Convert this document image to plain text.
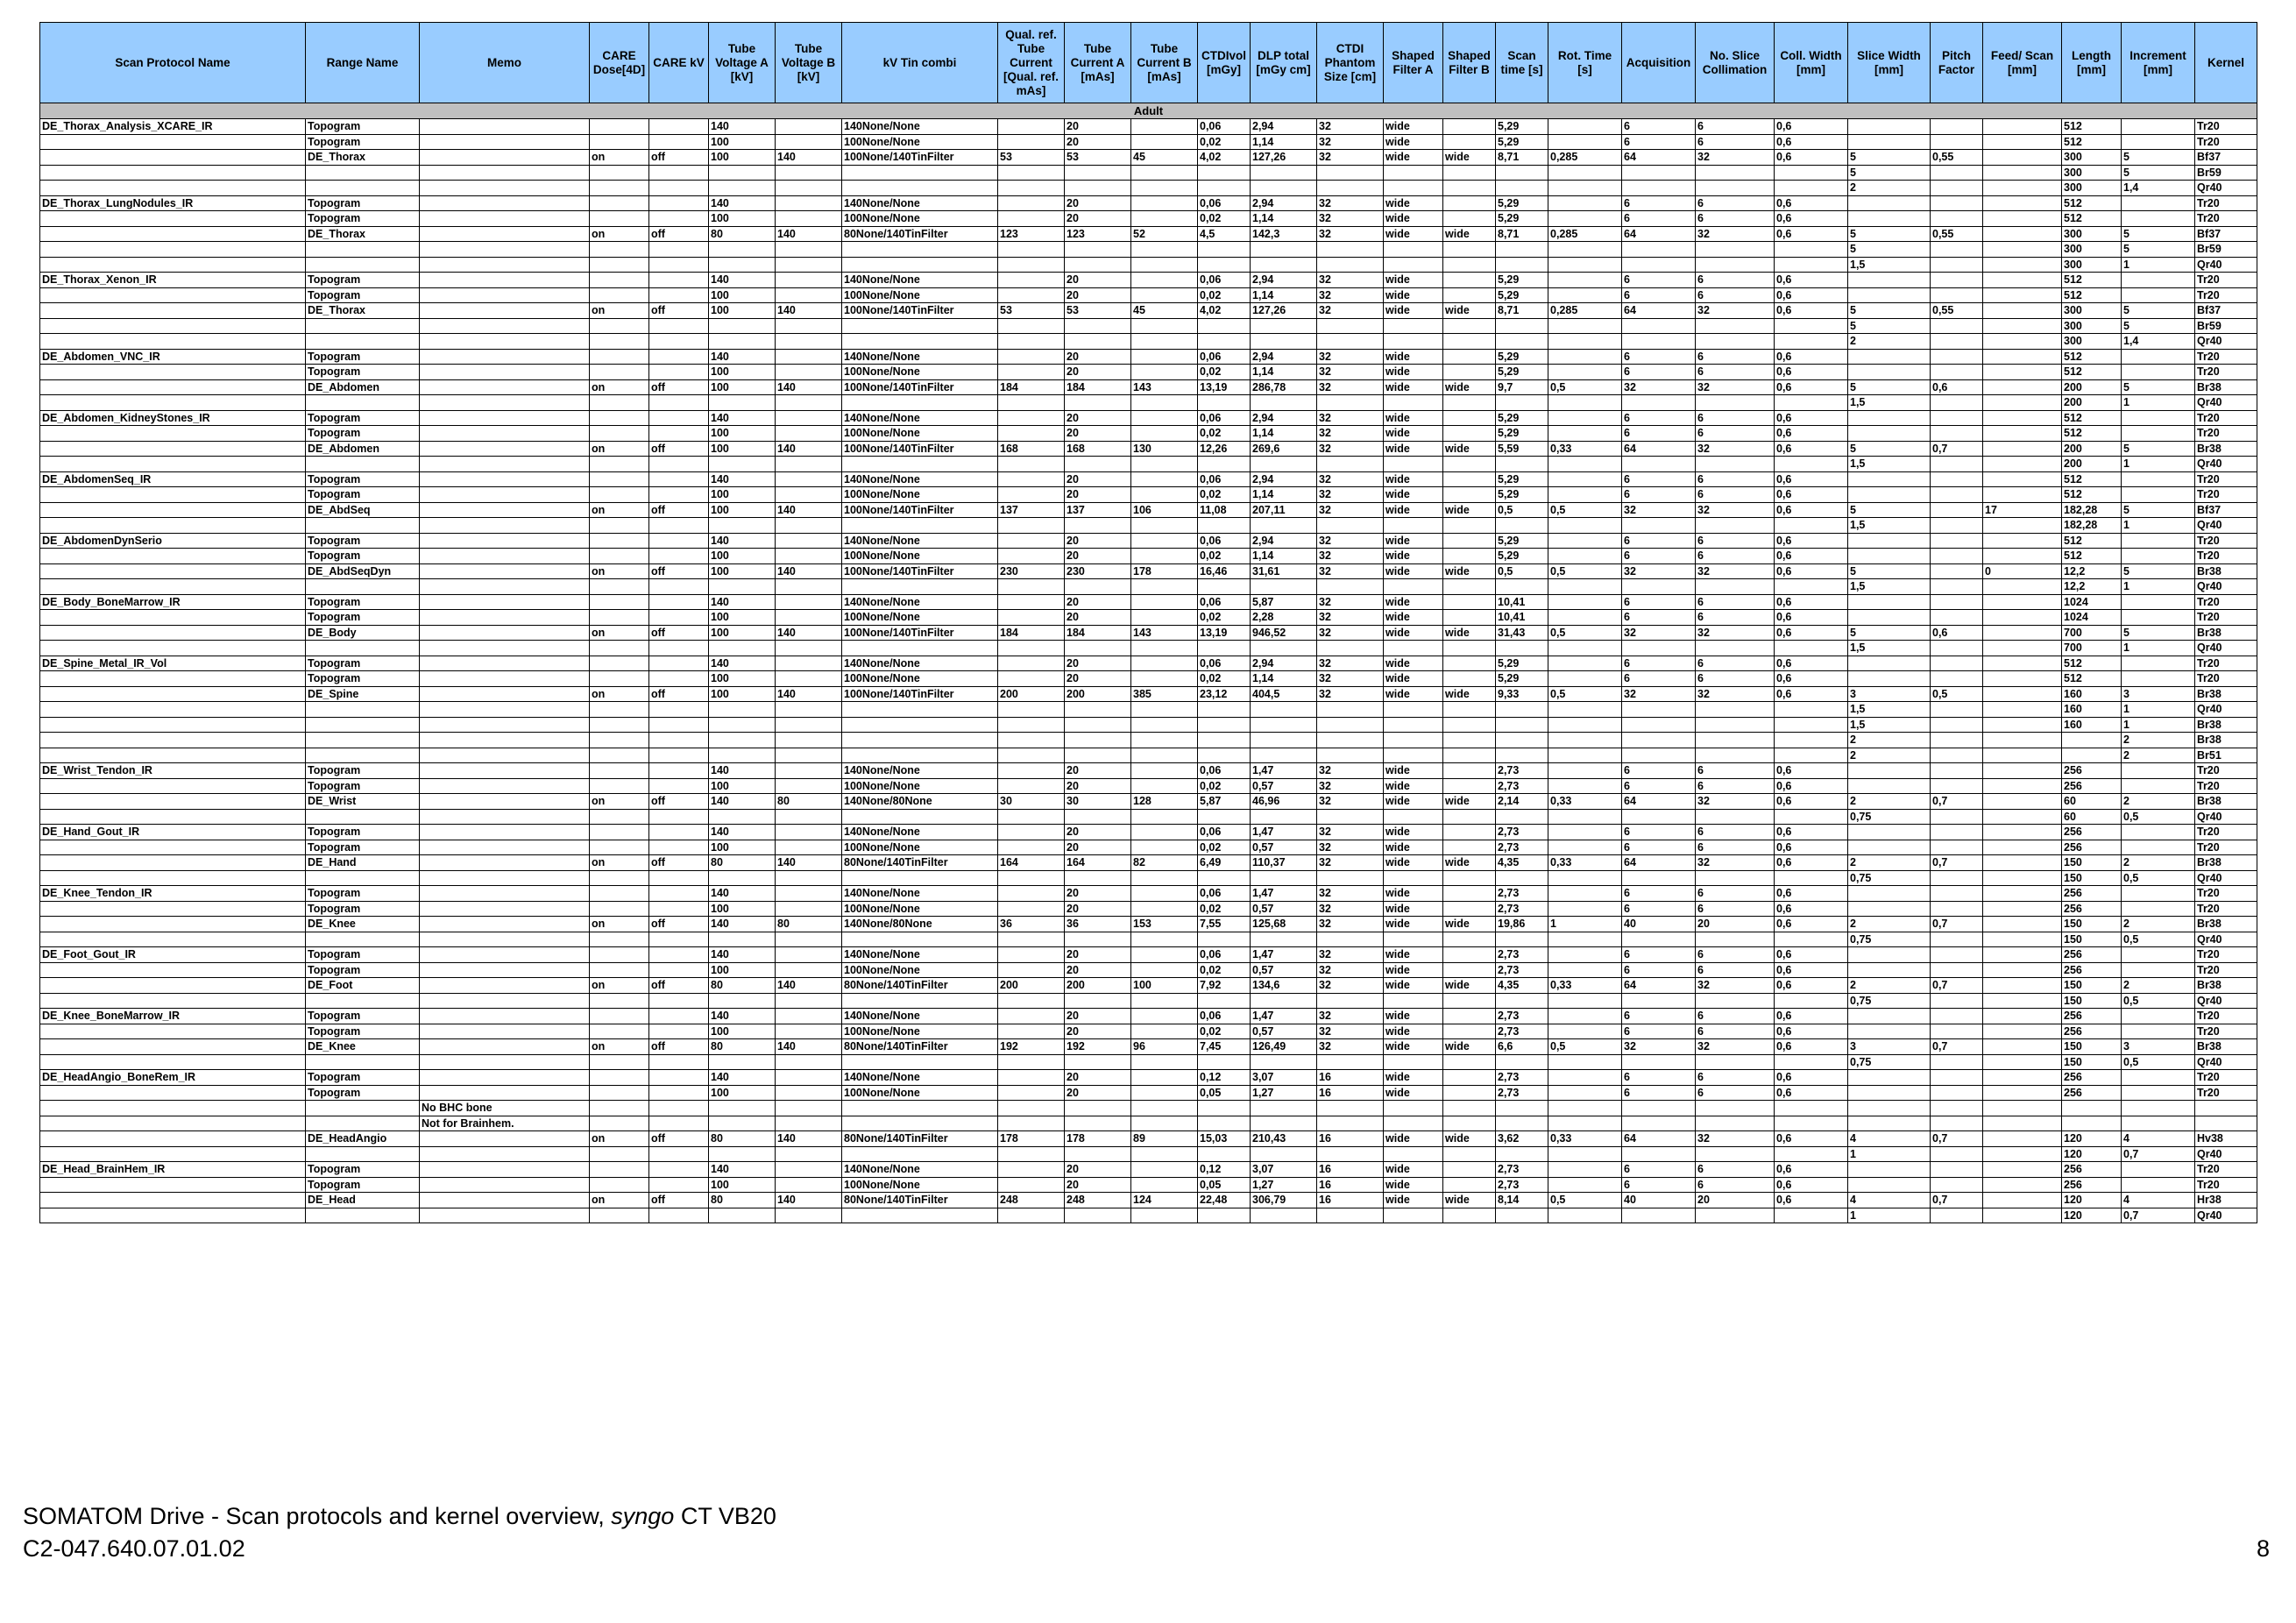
Scan Protocol Name	Range Name	Memo	CARE Dose[4D]	CARE kV	Tube Voltage A [kV]	Tube Voltage B [kV]	kV Tin combi	Qual. ref. Tube Current [Qual. ref. mAs]	Tube Current A [mAs]	Tube Current B [mAs]	CTDIvol [mGy]	DLP total [mGy cm]	CTDI Phantom Size [cm]	Shaped Filter A	Shaped Filter B	Scan time [s]	Rot. Time [s]	Acquisition	No. Slice Collimation	Coll. Width [mm]	Slice Width [mm]	Pitch Factor	Feed/ Scan [mm]	Length [mm]	Increment [mm]	Kernel
Adult																										
DE_Thorax_Analysis_XCARE_IR	Topogram				140		140None/None		20		0,06	2,94	32	wide		5,29		6	6	0,6				512		Tr20
	Topogram				100		100None/None		20		0,02	1,14	32	wide		5,29		6	6	0,6				512		Tr20
	DE_Thorax		on	off	100	140	100None/140TinFilter	53	53	45	4,02	127,26	32	wide	wide	8,71	0,285	64	32	0,6	5	0,55		300	5	Bf37
																					5			300	5	Br59
																					2			300	1,4	Qr40
DE_Thorax_LungNodules_IR	Topogram				140		140None/None		20		0,06	2,94	32	wide		5,29		6	6	0,6				512		Tr20
	Topogram				100		100None/None		20		0,02	1,14	32	wide		5,29		6	6	0,6				512		Tr20
	DE_Thorax		on	off	80	140	80None/140TinFilter	123	123	52	4,5	142,3	32	wide	wide	8,71	0,285	64	32	0,6	5	0,55		300	5	Bf37
																					5			300	5	Br59
																					1,5			300	1	Qr40
DE_Thorax_Xenon_IR	Topogram				140		140None/None		20		0,06	2,94	32	wide		5,29		6	6	0,6				512		Tr20
	Topogram				100		100None/None		20		0,02	1,14	32	wide		5,29		6	6	0,6				512		Tr20
	DE_Thorax		on	off	100	140	100None/140TinFilter	53	53	45	4,02	127,26	32	wide	wide	8,71	0,285	64	32	0,6	5	0,55		300	5	Bf37
																					5			300	5	Br59
																					2			300	1,4	Qr40
DE_Abdomen_VNC_IR	Topogram				140		140None/None		20		0,06	2,94	32	wide		5,29		6	6	0,6				512		Tr20
	Topogram				100		100None/None		20		0,02	1,14	32	wide		5,29		6	6	0,6				512		Tr20
	DE_Abdomen		on	off	100	140	100None/140TinFilter	184	184	143	13,19	286,78	32	wide	wide	9,7	0,5	32	32	0,6	5	0,6		200	5	Br38
																					1,5			200	1	Qr40
DE_Abdomen_KidneyStones_IR	Topogram				140		140None/None		20		0,06	2,94	32	wide		5,29		6	6	0,6				512		Tr20
	Topogram				100		100None/None		20		0,02	1,14	32	wide		5,29		6	6	0,6				512		Tr20
	DE_Abdomen		on	off	100	140	100None/140TinFilter	168	168	130	12,26	269,6	32	wide	wide	5,59	0,33	64	32	0,6	5	0,7		200	5	Br38
																					1,5			200	1	Qr40
DE_AbdomenSeq_IR	Topogram				140		140None/None		20		0,06	2,94	32	wide		5,29		6	6	0,6				512		Tr20
	Topogram				100		100None/None		20		0,02	1,14	32	wide		5,29		6	6	0,6				512		Tr20
	DE_AbdSeq		on	off	100	140	100None/140TinFilter	137	137	106	11,08	207,11	32	wide	wide	0,5	0,5	32	32	0,6	5		17	182,28	5	Bf37
																					1,5			182,28	1	Qr40
DE_AbdomenDynSerio	Topogram				140		140None/None		20		0,06	2,94	32	wide		5,29		6	6	0,6				512		Tr20
	Topogram				100		100None/None		20		0,02	1,14	32	wide		5,29		6	6	0,6				512		Tr20
	DE_AbdSeqDyn		on	off	100	140	100None/140TinFilter	230	230	178	16,46	31,61	32	wide	wide	0,5	0,5	32	32	0,6	5		0	12,2	5	Br38
																					1,5			12,2	1	Qr40
DE_Body_BoneMarrow_IR	Topogram				140		140None/None		20		0,06	5,87	32	wide		10,41		6	6	0,6				1024		Tr20
	Topogram				100		100None/None		20		0,02	2,28	32	wide		10,41		6	6	0,6				1024		Tr20
	DE_Body		on	off	100	140	100None/140TinFilter	184	184	143	13,19	946,52	32	wide	wide	31,43	0,5	32	32	0,6	5	0,6		700	5	Br38
																					1,5			700	1	Qr40
DE_Spine_Metal_IR_Vol	Topogram				140		140None/None		20		0,06	2,94	32	wide		5,29		6	6	0,6				512		Tr20
	Topogram				100		100None/None		20		0,02	1,14	32	wide		5,29		6	6	0,6				512		Tr20
	DE_Spine		on	off	100	140	100None/140TinFilter	200	200	385	23,12	404,5	32	wide	wide	9,33	0,5	32	32	0,6	3	0,5		160	3	Br38
																					1,5			160	1	Qr40
																					1,5			160	1	Br38
																					2				2	Br38
																					2				2	Br51
DE_Wrist_Tendon_IR	Topogram				140		140None/None		20		0,06	1,47	32	wide		2,73		6	6	0,6				256		Tr20
	Topogram				100		100None/None		20		0,02	0,57	32	wide		2,73		6	6	0,6				256		Tr20
	DE_Wrist		on	off	140	80	140None/80None	30	30	128	5,87	46,96	32	wide	wide	2,14	0,33	64	32	0,6	2	0,7		60	2	Br38
																					0,75			60	0,5	Qr40
DE_Hand_Gout_IR	Topogram				140		140None/None		20		0,06	1,47	32	wide		2,73		6	6	0,6				256		Tr20
	Topogram				100		100None/None		20		0,02	0,57	32	wide		2,73		6	6	0,6				256		Tr20
	DE_Hand		on	off	80	140	80None/140TinFilter	164	164	82	6,49	110,37	32	wide	wide	4,35	0,33	64	32	0,6	2	0,7		150	2	Br38
																					0,75			150	0,5	Qr40
DE_Knee_Tendon_IR	Topogram				140		140None/None		20		0,06	1,47	32	wide		2,73		6	6	0,6				256		Tr20
	Topogram				100		100None/None		20		0,02	0,57	32	wide		2,73		6	6	0,6				256		Tr20
	DE_Knee		on	off	140	80	140None/80None	36	36	153	7,55	125,68	32	wide	wide	19,86	1	40	20	0,6	2	0,7		150	2	Br38
																					0,75			150	0,5	Qr40
DE_Foot_Gout_IR	Topogram				140		140None/None		20		0,06	1,47	32	wide		2,73		6	6	0,6				256		Tr20
	Topogram				100		100None/None		20		0,02	0,57	32	wide		2,73		6	6	0,6				256		Tr20
	DE_Foot		on	off	80	140	80None/140TinFilter	200	200	100	7,92	134,6	32	wide	wide	4,35	0,33	64	32	0,6	2	0,7		150	2	Br38
																					0,75			150	0,5	Qr40
DE_Knee_BoneMarrow_IR	Topogram				140		140None/None		20		0,06	1,47	32	wide		2,73		6	6	0,6				256		Tr20
	Topogram				100		100None/None		20		0,02	0,57	32	wide		2,73		6	6	0,6				256		Tr20
	DE_Knee		on	off	80	140	80None/140TinFilter	192	192	96	7,45	126,49	32	wide	wide	6,6	0,5	32	32	0,6	3	0,7		150	3	Br38
																					0,75			150	0,5	Qr40
DE_HeadAngio_BoneRem_IR	Topogram				140		140None/None		20		0,12	3,07	16	wide		2,73		6	6	0,6				256		Tr20
	Topogram				100		100None/None		20		0,05	1,27	16	wide		2,73		6	6	0,6				256		Tr20
		No BHC bone																								
		Not for Brainhem.																								
	DE_HeadAngio		on	off	80	140	80None/140TinFilter	178	178	89	15,03	210,43	16	wide	wide	3,62	0,33	64	32	0,6	4	0,7		120	4	Hv38
																					1			120	0,7	Qr40
DE_Head_BrainHem_IR	Topogram				140		140None/None		20		0,12	3,07	16	wide		2,73		6	6	0,6				256		Tr20
	Topogram				100		100None/None		20		0,05	1,27	16	wide		2,73		6	6	0,6				256		Tr20
	DE_Head		on	off	80	140	80None/140TinFilter	248	248	124	22,48	306,79	16	wide	wide	8,14	0,5	40	20	0,6	4	0,7		120	4	Hr38
																					1			120	0,7	Qr40
SOMATOM Drive - Scan protocols and kernel overview, syngo CT VB20
C2-047.640.07.01.02	8
